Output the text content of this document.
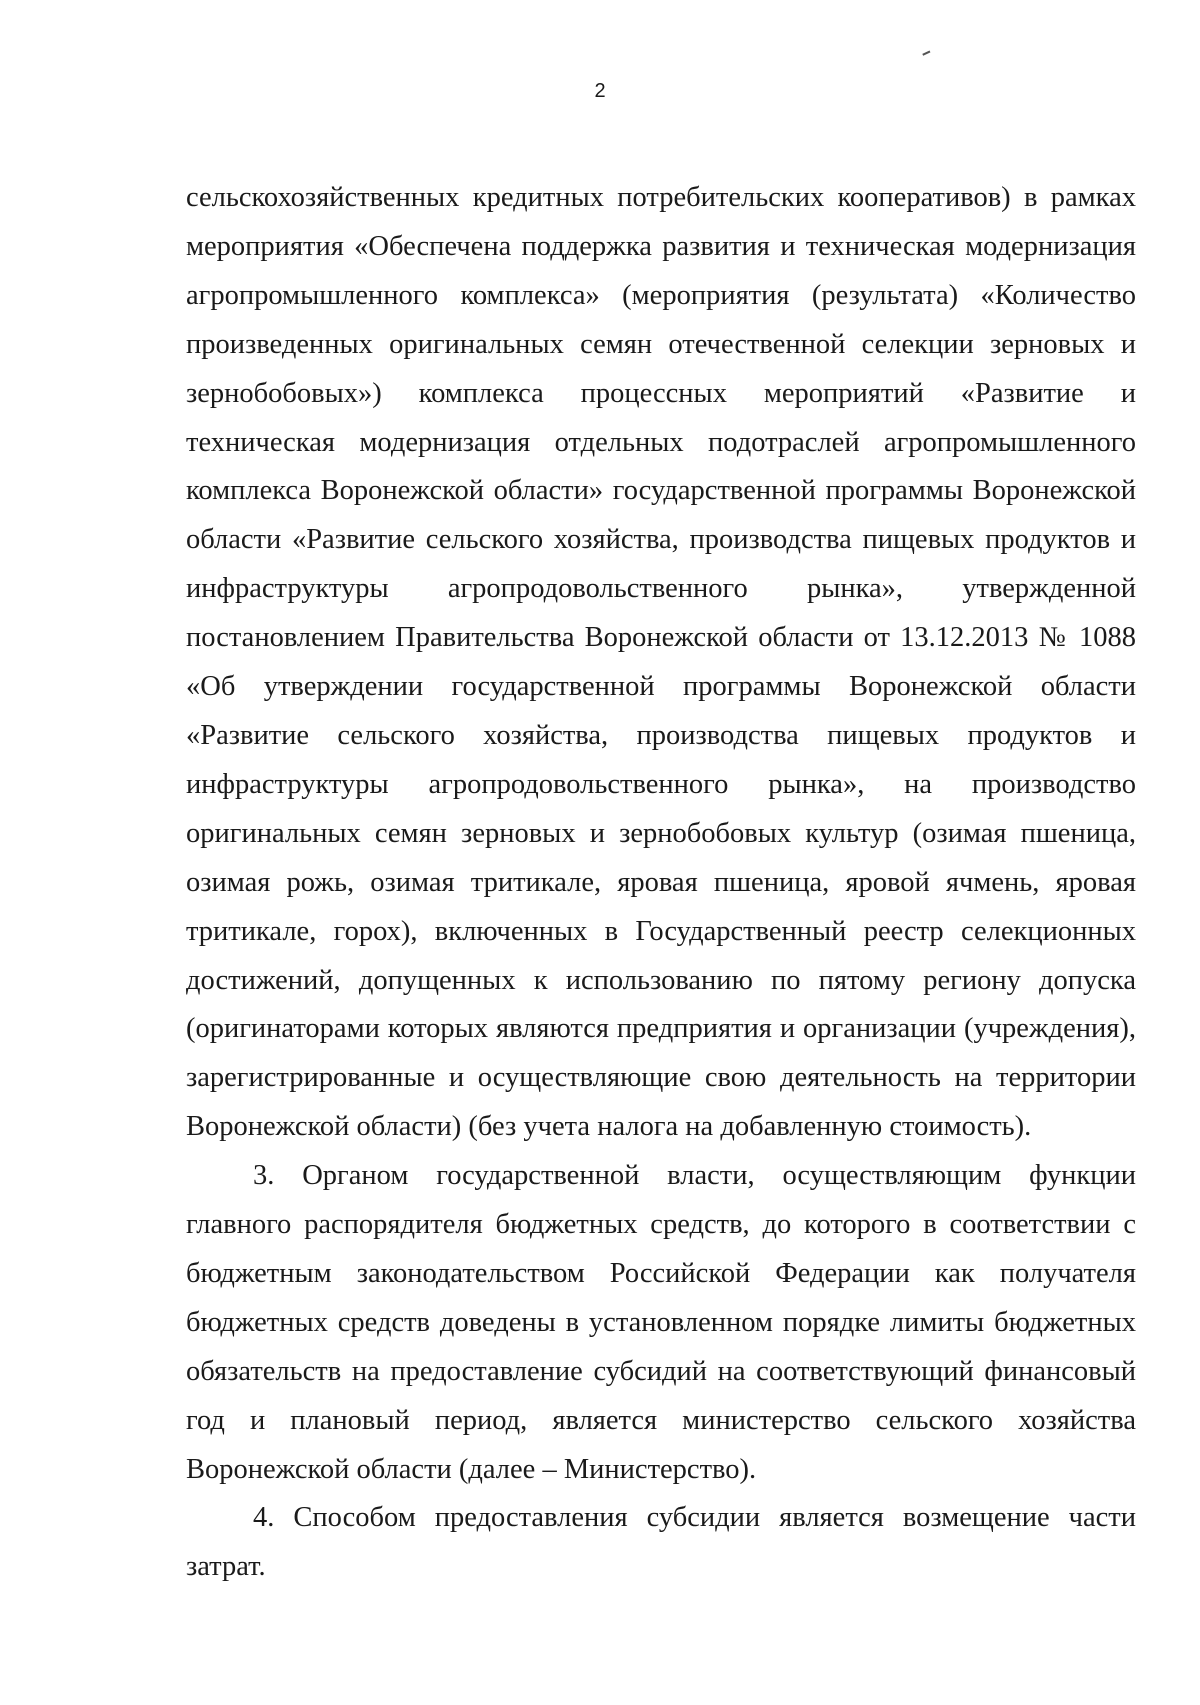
2

сельскохозяйственных кредитных потребительских кооперативов) в рамках мероприятия «Обеспечена поддержка развития и техническая модернизация агропромышленного комплекса» (мероприятия (результата) «Количество произведенных оригинальных семян отечественной селекции зерновых и зернобобовых») комплекса процессных мероприятий «Развитие и техническая модернизация отдельных подотраслей агропромышленного комплекса Воронежской области» государственной программы Воронежской области «Развитие сельского хозяйства, производства пищевых продуктов и инфраструктуры агропродовольственного рынка», утвержденной постановлением Правительства Воронежской области от 13.12.2013 № 1088 «Об утверждении государственной программы Воронежской области «Развитие сельского хозяйства, производства пищевых продуктов и инфраструктуры агропродовольственного рынка», на производство оригинальных семян зерновых и зернобобовых культур (озимая пшеница, озимая рожь, озимая тритикале, яровая пшеница, яровой ячмень, яровая тритикале, горох), включенных в Государственный реестр селекционных достижений, допущенных к использованию по пятому региону допуска (оригинаторами которых являются предприятия и организации (учреждения), зарегистрированные и осуществляющие свою деятельность на территории Воронежской области) (без учета налога на добавленную стоимость).

3. Органом государственной власти, осуществляющим функции главного распорядителя бюджетных средств, до которого в соответствии с бюджетным законодательством Российской Федерации как получателя бюджетных средств доведены в установленном порядке лимиты бюджетных обязательств на предоставление субсидий на соответствующий финансовый год и плановый период, является министерство сельского хозяйства Воронежской области (далее – Министерство).

4. Способом предоставления субсидии является возмещение части затрат.
